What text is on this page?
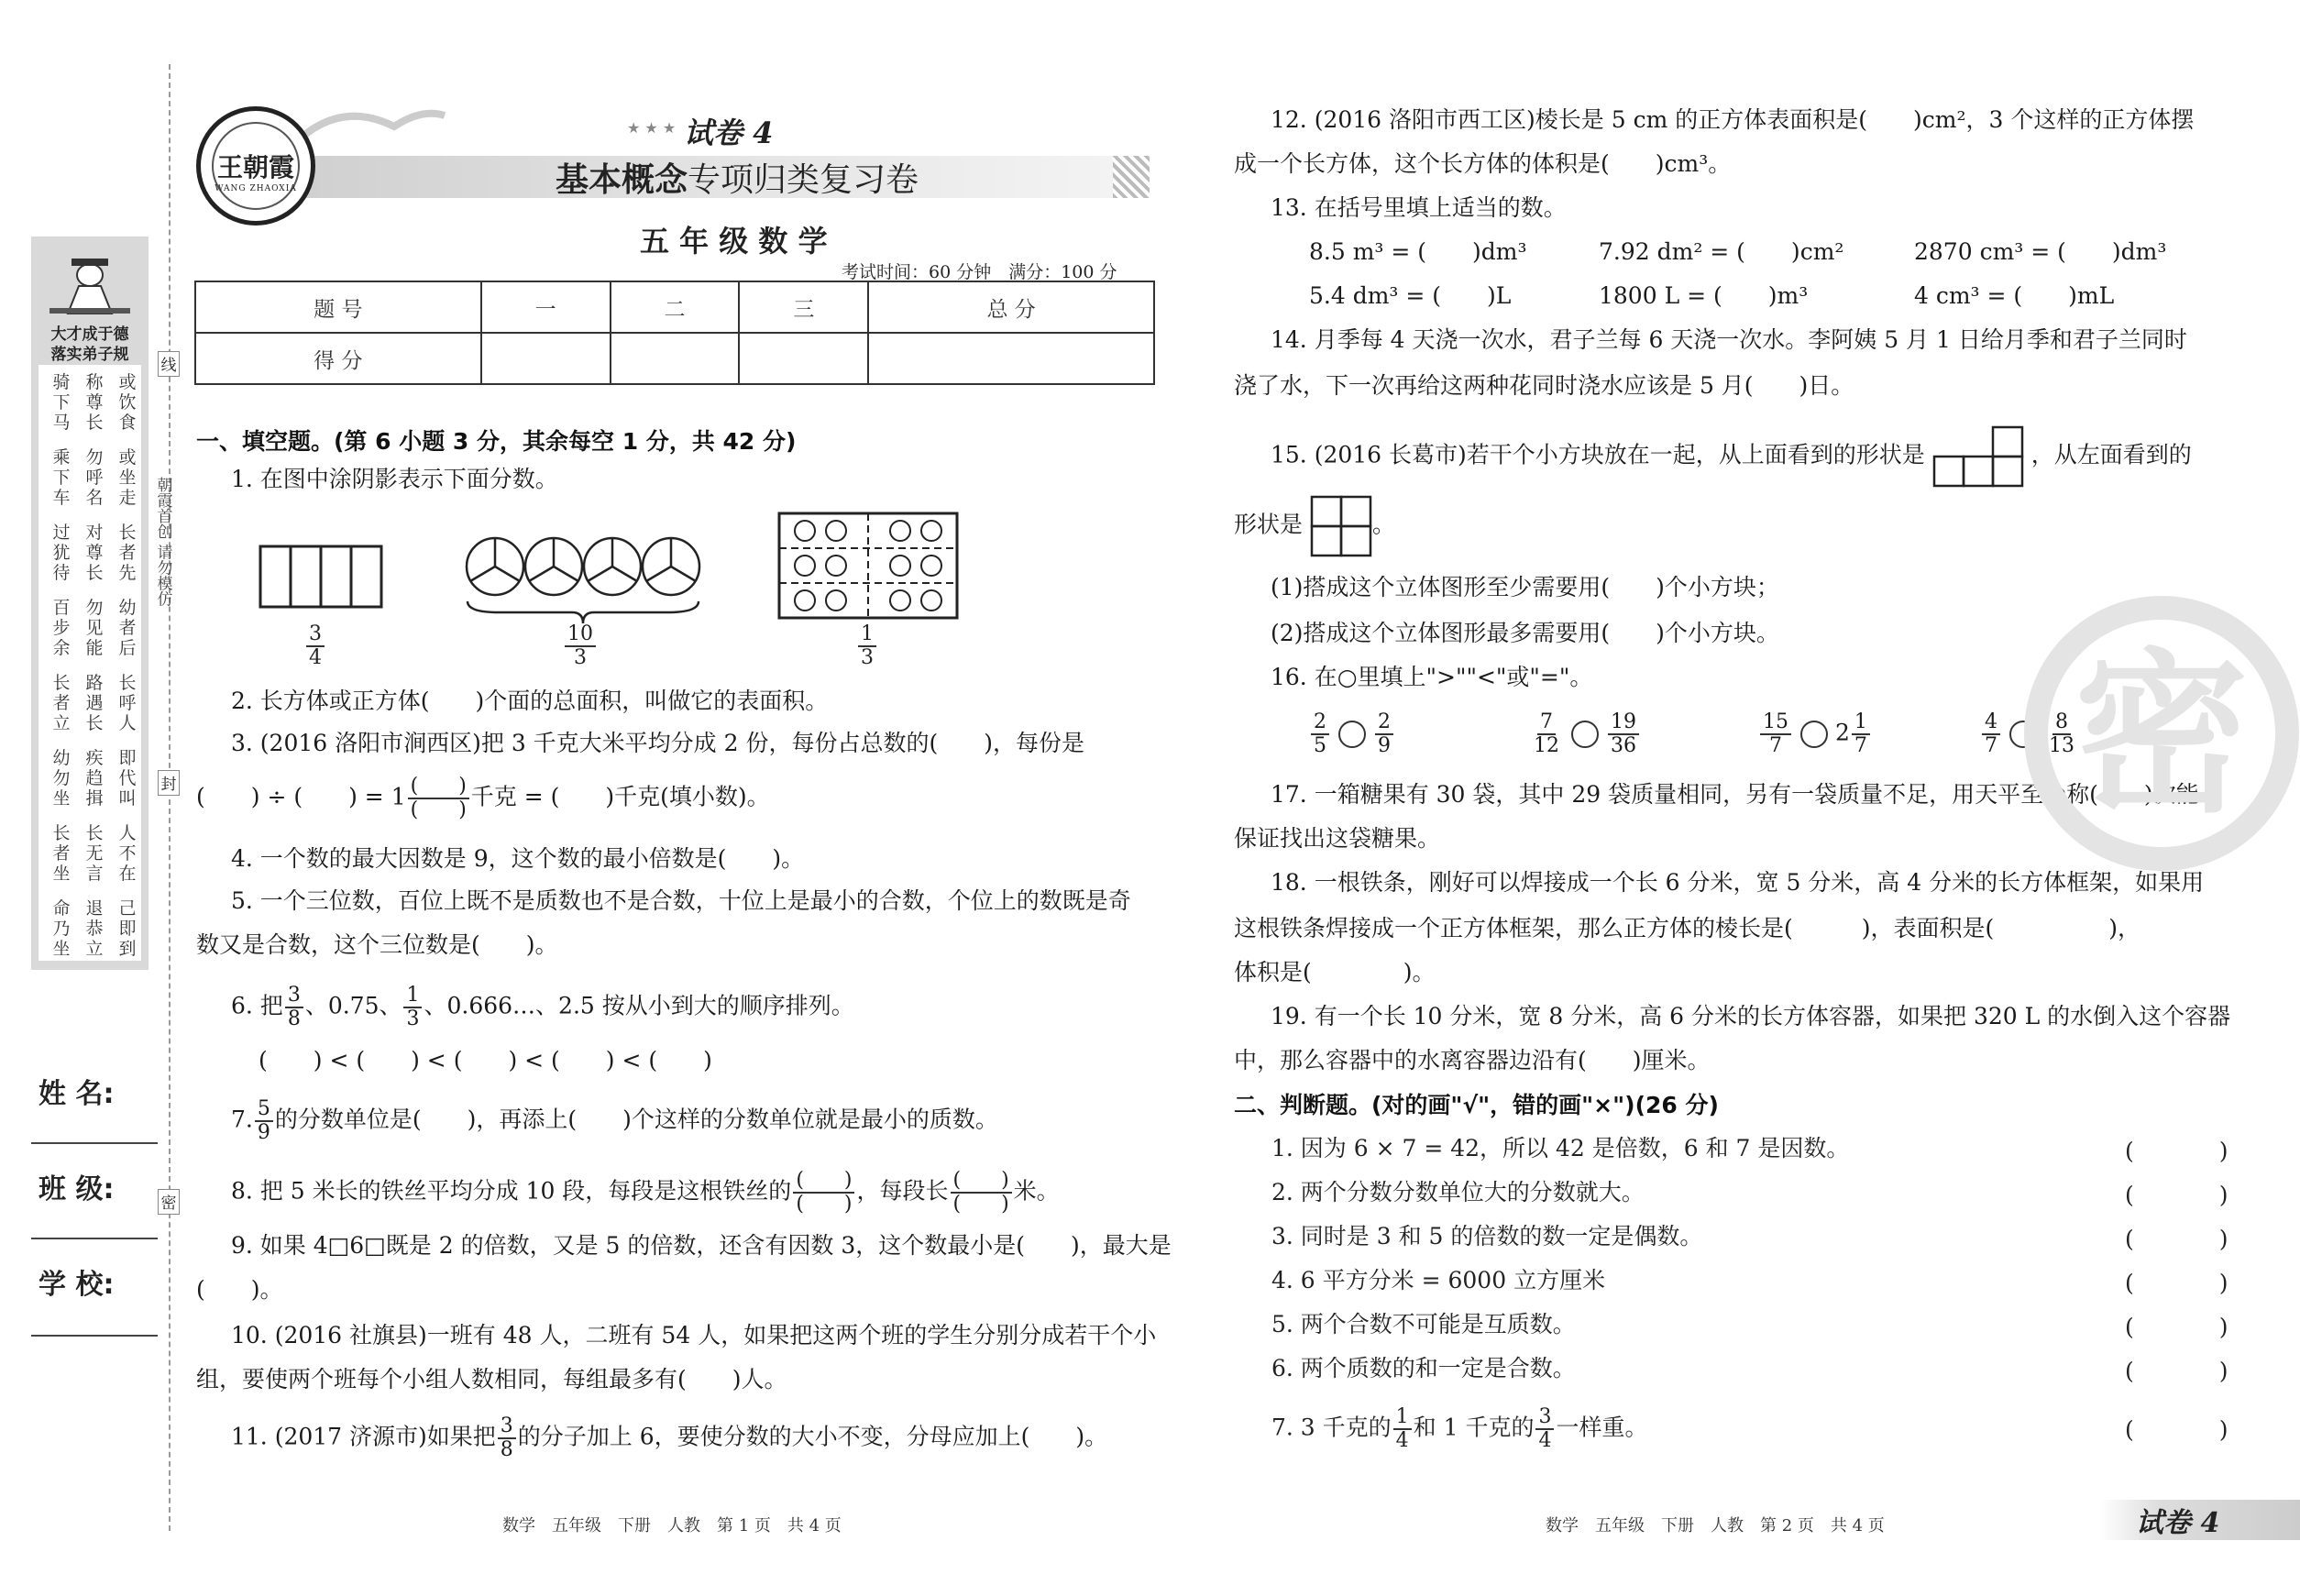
大才成于德
落实弟子规
骑下马
称尊长
或饮食
乘下车
勿呼名
或坐走
过犹待
对尊长
长者先
百步余
勿见能
幼者后
长者立
路遇长
长呼人
幼勿坐
疾趋揖
即代叫
长者坐
长无言
人不在
命乃坐
退恭立
己即到
朝霞首创 请勿模仿
线
封
密
姓 名:
班 级:
学 校:
王朝霞
WANG ZHAOXIA
★ ★ ★ 试卷 4
基本概念专项归类复习卷
五 年 级 数 学
考试时间：60 分钟　满分：100 分
题 号	一	二	三	总 分
得 分				
一、填空题。(第 6 小题 3 分，其余每空 1 分，共 42 分)
1. 在图中涂阴影表示下面分数。
$\frac{3}{4}$	$\frac{10}{3}$	$\frac{1}{3}$
2. 长方体或正方体(　　)个面的总面积，叫做它的表面积。
3. (2016 洛阳市涧西区)把 3 千克大米平均分成 2 份，每份占总数的(　　)，每份是
(　　) ÷ (　　) = $1 \frac{( )}{( )}$ 千克 = (　　)千克(填小数)。
4. 一个数的最大因数是 9，这个数的最小倍数是(　　)。
5. 一个三位数，百位上既不是质数也不是合数，十位上是最小的合数，个位上的数既是奇
数又是合数，这个三位数是(　　)。
6. 把 $\frac{3}{8}$ 、0.75、 $\frac{1}{3}$ 、0.666…、2.5 按从小到大的顺序排列。
(　　) < (　　) < (　　) < (　　) < (　　)
7. $\frac{5}{9}$ 的分数单位是(　　)，再添上(　　)个这样的分数单位就是最小的质数。
8. 把 5 米长的铁丝平均分成 10 段，每段是这根铁丝的 $\frac{( )}{( )}$ ，每段长 $\frac{( )}{( )}$ 米。
9. 如果 4□6□既是 2 的倍数，又是 5 的倍数，还含有因数 3，这个数最小是(　　)，最大是
(　　)。
10. (2016 社旗县)一班有 48 人，二班有 54 人，如果把这两个班的学生分别分成若干个小
组，要使两个班每个小组人数相同，每组最多有(　　)人。
11. (2017 济源市)如果把 $\frac{3}{8}$ 的分子加上 6，要使分数的大小不变，分母应加上(　　)。
数学　五年级　下册　人教　第 1 页　共 4 页
12. (2016 洛阳市西工区)棱长是 5 cm 的正方体表面积是(　　)cm²，3 个这样的正方体摆
成一个长方体，这个长方体的体积是(　　)cm³。
13. 在括号里填上适当的数。
8.5 m³ = (　　)dm³	7.92 dm² = (　　)cm²	2870 cm³ = (　　)dm³
5.4 dm³ = (　　)L	1800 L = (　　)m³	4 cm³ = (　　)mL
14. 月季每 4 天浇一次水，君子兰每 6 天浇一次水。李阿姨 5 月 1 日给月季和君子兰同时
浇了水，下一次再给这两种花同时浇水应该是 5 月(　　)日。
15. (2016 长葛市)若干个小方块放在一起，从上面看到的形状是	，从左面看到的
形状是	。
(1)搭成这个立体图形至少需要用(　　)个小方块；
(2)搭成这个立体图形最多需要用(　　)个小方块。
16. 在○里填上">""<"或"="。
$\frac{2}{5} \frac{2}{9}$	$\frac{7}{12} \frac{19}{36}$	$\frac{15}{7} 2 \frac{1}{7}$	$\frac{4}{7} \frac{8}{13}$
17. 一箱糖果有 30 袋，其中 29 袋质量相同，另有一袋质量不足，用天平至少称(　　)次能
保证找出这袋糖果。
18. 一根铁条，刚好可以焊接成一个长 6 分米，宽 5 分米，高 4 分米的长方体框架，如果用
这根铁条焊接成一个正方体框架，那么正方体的棱长是(　　　)，表面积是(　　　　　)，
体积是(　　　　)。
19. 有一个长 10 分米，宽 8 分米，高 6 分米的长方体容器，如果把 320 L 的水倒入这个容器
中，那么容器中的水离容器边沿有(　　)厘米。
二、判断题。(对的画"√"，错的画"×")(26 分)
1. 因为 6 × 7 = 42，所以 42 是倍数，6 和 7 是因数。	(　)
2. 两个分数分数单位大的分数就大。	(　)
3. 同时是 3 和 5 的倍数的数一定是偶数。	(　)
4. 6 平方分米 = 6000 立方厘米	(　)
5. 两个合数不可能是互质数。	(　)
6. 两个质数的和一定是合数。	(　)
7. 3 千克的 $\frac{1}{4}$ 和 1 千克的 $\frac{3}{4}$ 一样重。	(　)
密
数学　五年级　下册　人教　第 2 页　共 4 页	试卷 4
